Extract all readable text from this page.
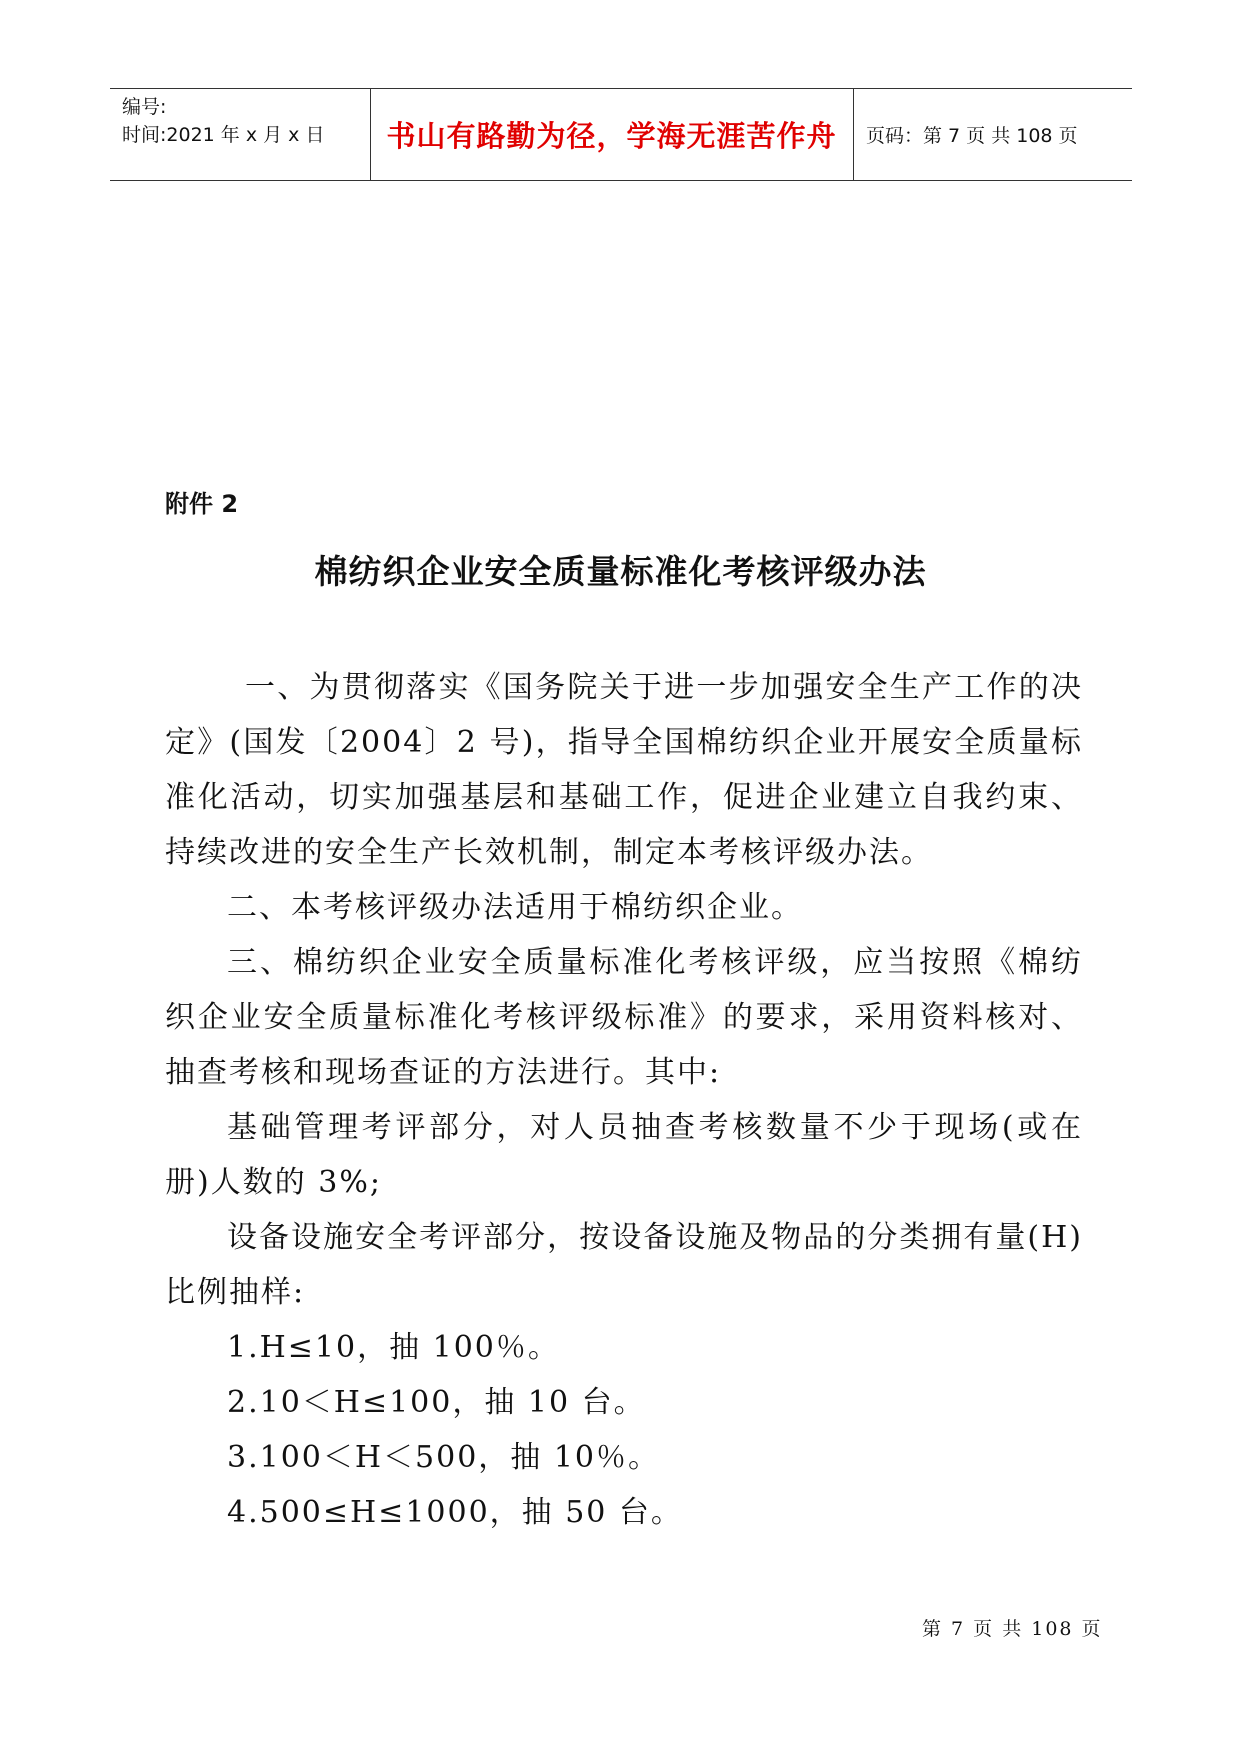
编号:
时间:2021 年 x 月 x 日	书山有路勤为径，学海无涯苦作舟	页码：第 7 页 共 108 页
附件 2
棉纺织企业安全质量标准化考核评级办法

一、为贯彻落实《国务院关于进一步加强安全生产工作的决定》(国发〔2004〕2 号)，指导全国棉纺织企业开展安全质量标准化活动，切实加强基层和基础工作，促进企业建立自我约束、持续改进的安全生产长效机制，制定本考核评级办法。

二、本考核评级办法适用于棉纺织企业。

三、棉纺织企业安全质量标准化考核评级，应当按照《棉纺织企业安全质量标准化考核评级标准》的要求，采用资料核对、抽查考核和现场查证的方法进行。其中:

基础管理考评部分，对人员抽查考核数量不少于现场(或在册)人数的 3%;

设备设施安全考评部分，按设备设施及物品的分类拥有量(H)比例抽样:

1.H≤10，抽 100％。

2.10＜H≤100，抽 10 台。

3.100＜H＜500，抽 10％。

4.500≤H≤1000，抽 50 台。

第 7 页 共 108 页
